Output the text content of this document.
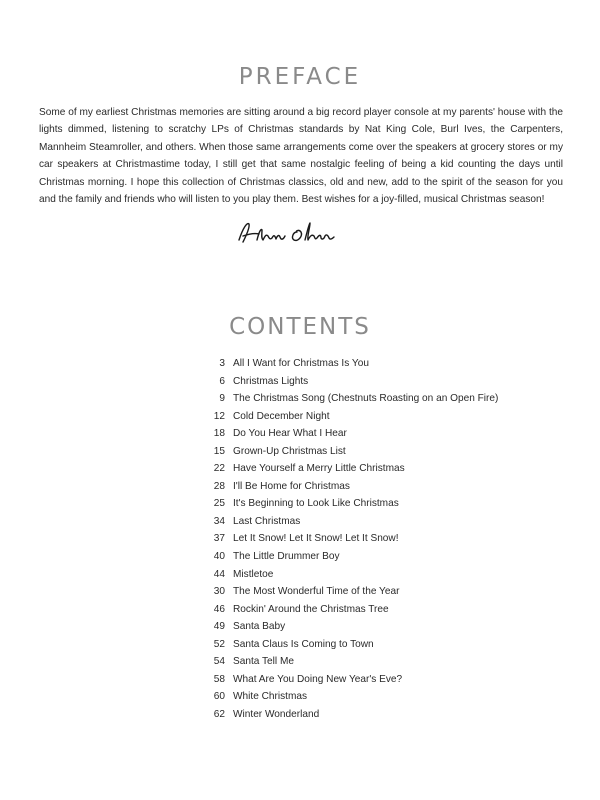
PREFACE

Some of my earliest Christmas memories are sitting around a big record player console at my parents' house with the lights dimmed, listening to scratchy LPs of Christmas standards by Nat King Cole, Burl Ives, the Carpenters, Mannheim Steamroller, and others. When those same arrangements come over the speakers at grocery stores or my car speakers at Christmastime today, I still get that same nostalgic feeling of being a kid counting the days until Christmas morning. I hope this collection of Christmas classics, old and new, add to the spirit of the season for you and the family and friends who will listen to you play them. Best wishes for a joy-filled, musical Christmas season!

CONTENTS
3 All I Want for Christmas Is You
6 Christmas Lights
9 The Christmas Song (Chestnuts Roasting on an Open Fire)
12 Cold December Night
18 Do You Hear What I Hear
15 Grown-Up Christmas List
22 Have Yourself a Merry Little Christmas
28 I'll Be Home for Christmas
25 It's Beginning to Look Like Christmas
34 Last Christmas
37 Let It Snow! Let It Snow! Let It Snow!
40 The Little Drummer Boy
44 Mistletoe
30 The Most Wonderful Time of the Year
46 Rockin' Around the Christmas Tree
49 Santa Baby
52 Santa Claus Is Coming to Town
54 Santa Tell Me
58 What Are You Doing New Year's Eve?
60 White Christmas
62 Winter Wonderland
